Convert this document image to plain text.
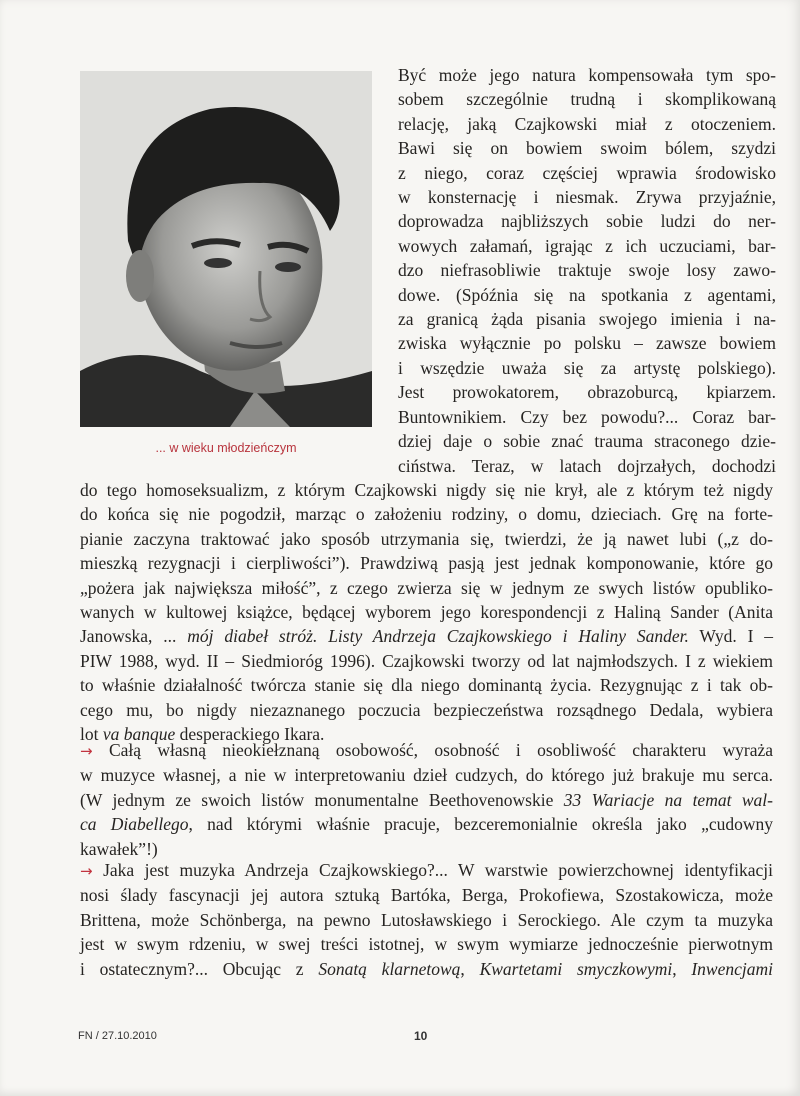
... w wieku młodzieńczym
Być może jego natura kompensowała tym spo-
sobem szczególnie trudną i skomplikowaną
relację, jaką Czajkowski miał z otoczeniem.
Bawi się on bowiem swoim bólem, szydzi
z niego, coraz częściej wprawia środowisko
w konsternację i niesmak. Zrywa przyjaźnie,
doprowadza najbliższych sobie ludzi do ner-
wowych załamań, igrając z ich uczuciami, bar-
dzo niefrasobliwie traktuje swoje losy zawo-
dowe. (Spóźnia się na spotkania z agentami,
za granicą żąda pisania swojego imienia i na-
zwiska wyłącznie po polsku – zawsze bowiem
i wszędzie uważa się za artystę polskiego).
Jest prowokatorem, obrazoburcą, kpiarzem.
Buntownikiem. Czy bez powodu?... Coraz bar-
dziej daje o sobie znać trauma straconego dzie-
ciństwa. Teraz, w latach dojrzałych, dochodzi
do tego homoseksualizm, z którym Czajkowski nigdy się nie krył, ale z którym też nigdy
do końca się nie pogodził, marząc o założeniu rodziny, o domu, dzieciach. Grę na forte-
pianie zaczyna traktować jako sposób utrzymania się, twierdzi, że ją nawet lubi („z do-
mieszką rezygnacji i cierpliwości”). Prawdziwą pasją jest jednak komponowanie, które go
„pożera jak największa miłość”, z czego zwierza się w jednym ze swych listów opubliko-
wanych w kultowej książce, będącej wyborem jego korespondencji z Haliną Sander (Anita
Janowska, ... mój diabeł stróż. Listy Andrzeja Czajkowskiego i Haliny Sander. Wyd. I –
PIW 1988, wyd. II – Siedmioróg 1996). Czajkowski tworzy od lat najmłodszych. I z wiekiem
to właśnie działalność twórcza stanie się dla niego dominantą życia. Rezygnując z i tak ob-
cego mu, bo nigdy niezaznanego poczucia bezpieczeństwa rozsądnego Dedala, wybiera
lot va banque desperackiego Ikara.
→ Całą własną nieokiełznaną osobowość, osobność i osobliwość charakteru wyraża
w muzyce własnej, a nie w interpretowaniu dzieł cudzych, do którego już brakuje mu serca.
(W jednym ze swoich listów monumentalne Beethovenowskie 33 Wariacje na temat wal-
ca Diabellego, nad którymi właśnie pracuje, bezceremonialnie określa jako „cudowny
kawałek”!)
→ Jaka jest muzyka Andrzeja Czajkowskiego?... W warstwie powierzchownej identyfikacji
nosi ślady fascynacji jej autora sztuką Bartóka, Berga, Prokofiewa, Szostakowicza, może
Brittena, może Schönberga, na pewno Lutosławskiego i Serockiego. Ale czym ta muzyka
jest w swym rdzeniu, w swej treści istotnej, w swym wymiarze jednocześnie pierwotnym
i ostatecznym?... Obcując z Sonatą klarnetową, Kwartetami smyczkowymi, Inwencjami
FN / 27.10.2010	10
